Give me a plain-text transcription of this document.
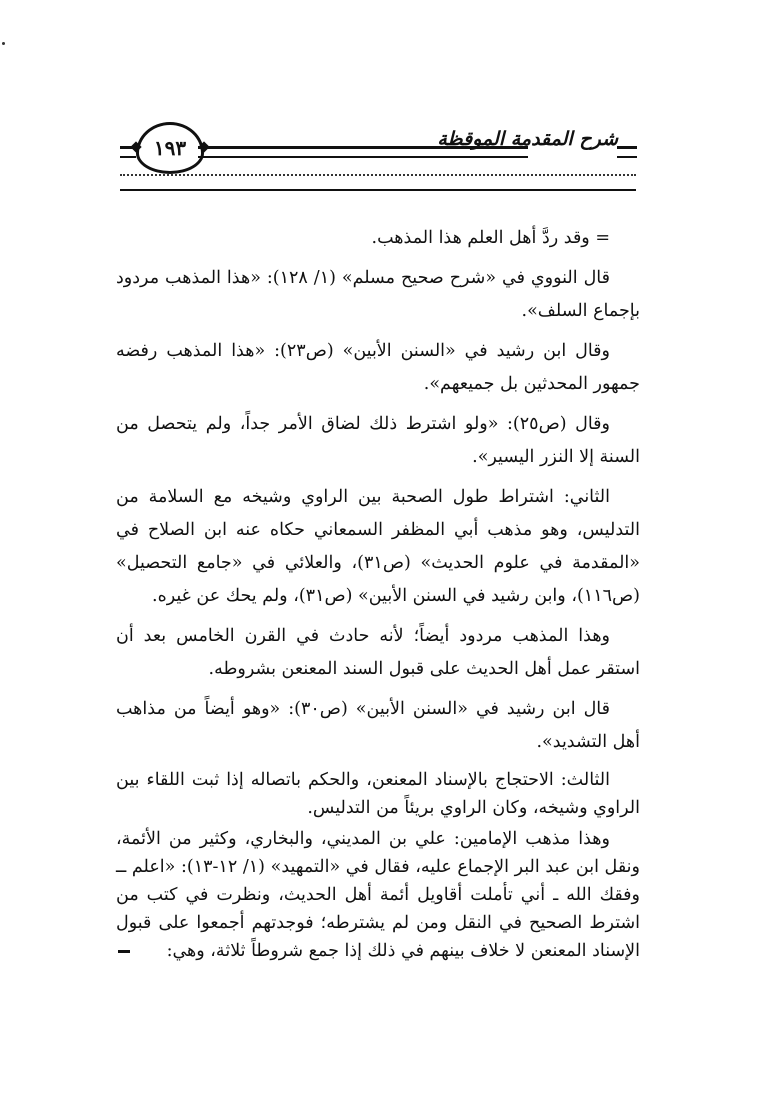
١٩٣	شرح المقدمة الموقظة

= وقد ردَّ أهل العلم هذا المذهب.

قال النووي في «شرح صحيح مسلم» (١/ ١٢٨): «هذا المذهب مردود بإجماع السلف».

وقال ابن رشيد في «السنن الأبين» (ص٢٣): «هذا المذهب رفضه جمهور المحدثين بل جميعهم».

وقال (ص٢٥): «ولو اشترط ذلك لضاق الأمر جداً، ولم يتحصل من السنة إلا النزر اليسير».

الثاني: اشتراط طول الصحبة بين الراوي وشيخه مع السلامة من التدليس، وهو مذهب أبي المظفر السمعاني حكاه عنه ابن الصلاح في «المقدمة في علوم الحديث» (ص٣١)، والعلائي في «جامع التحصيل» (ص١١٦)، وابن رشيد في السنن الأبين» (ص٣١)، ولم يحك عن غيره.

وهذا المذهب مردود أيضاً؛ لأنه حادث في القرن الخامس بعد أن استقر عمل أهل الحديث على قبول السند المعنعن بشروطه.

قال ابن رشيد في «السنن الأبين» (ص٣٠): «وهو أيضاً من مذاهب أهل التشديد».

الثالث: الاحتجاج بالإسناد المعنعن، والحكم باتصاله إذا ثبت اللقاء بين الراوي وشيخه، وكان الراوي بريئاً من التدليس.

وهذا مذهب الإمامين: علي بن المديني، والبخاري، وكثير من الأئمة، ونقل ابن عبد البر الإجماع عليه، فقال في «التمهيد» (١/ ١٢-١٣): «اعلم ــ وفقك الله ـ أني تأملت أقاويل أئمة أهل الحديث، ونظرت في كتب من اشترط الصحيح في النقل ومن لم يشترطه؛ فوجدتهم أجمعوا على قبول الإسناد المعنعن لا خلاف بينهم في ذلك إذا جمع شروطاً ثلاثة، وهي:
